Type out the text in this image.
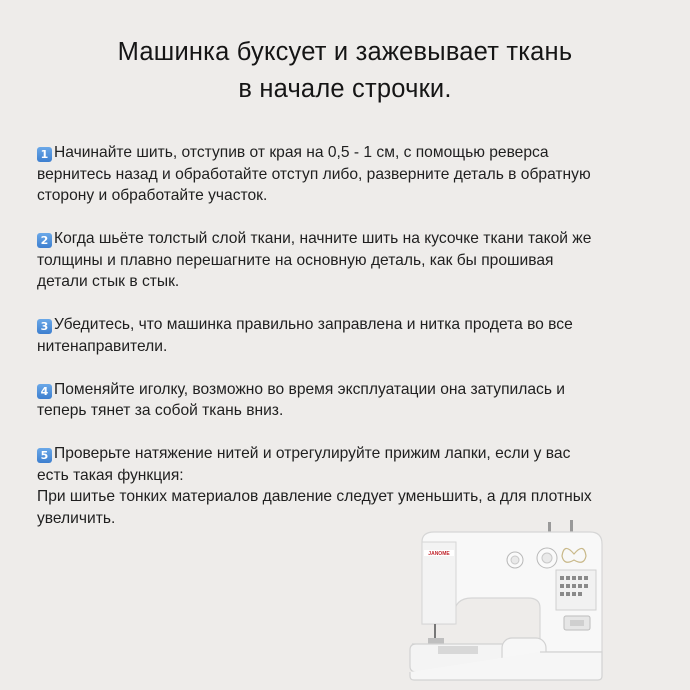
Машинка буксует и зажевывает ткань
в начале строчки.
1 Начинайте шить, отступив от края на 0,5 - 1 см, с помощью реверса
вернитесь назад и обработайте отступ либо, разверните деталь в обратную
сторону и обработайте участок.
2 Когда шьёте толстый слой ткани, начните шить на кусочке ткани такой же
толщины и плавно перешагните на основную деталь, как бы прошивая
детали стык в стык.
3 Убедитесь, что машинка правильно заправлена и нитка продета во все
нитенаправители.
4 Поменяйте иголку, возможно во время эксплуатации она затупилась и
теперь тянет за собой ткань вниз.
5 Проверьте натяжение нитей и отрегулируйте прижим лапки, если у вас
есть такая функция:
При шитье тонких материалов давление следует уменьшить, а для плотных
увеличить.
JANOME
